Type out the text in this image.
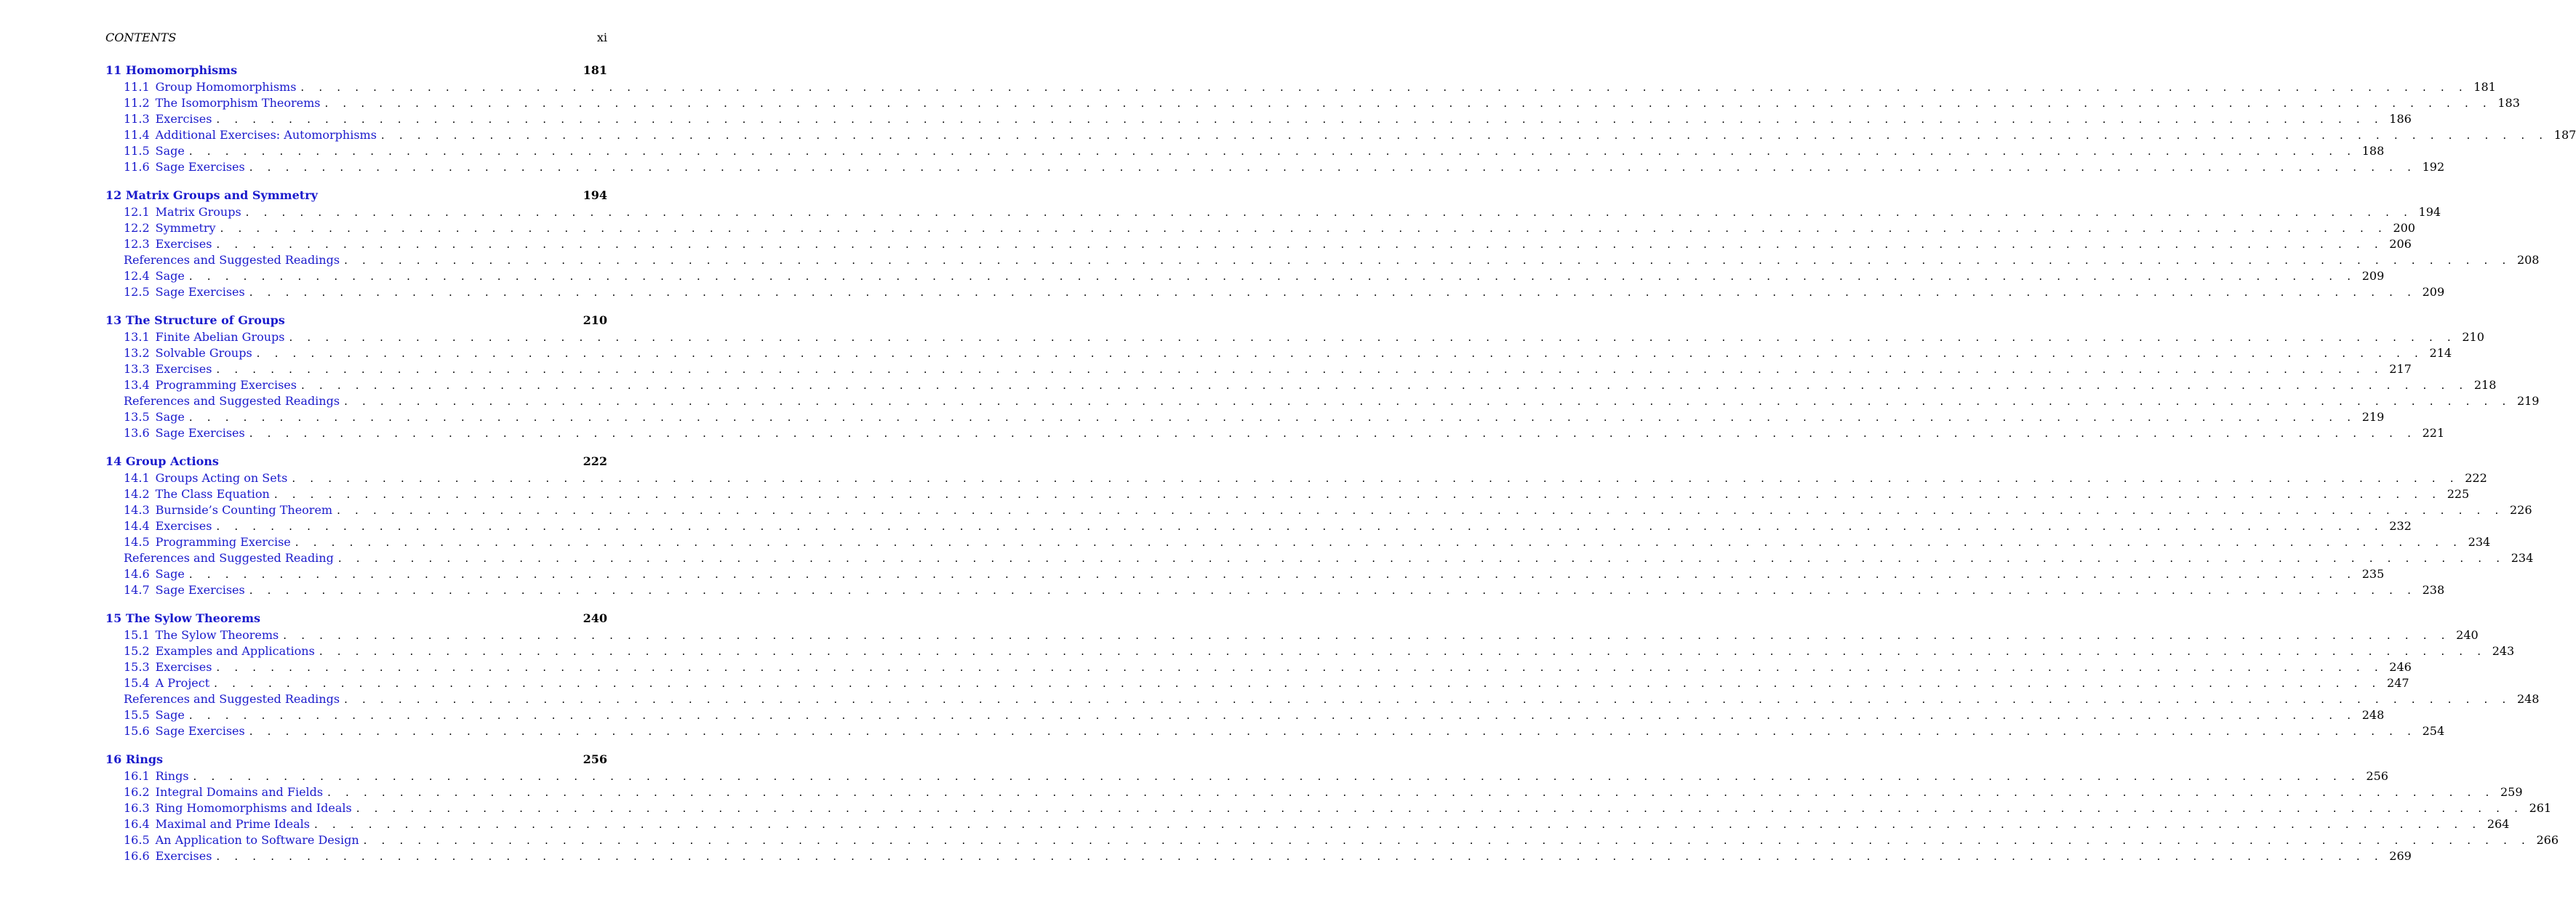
CONTENTS	xi
11 Homomorphisms	181
11.1 Group Homomorphisms . . . . . . . . . . . . . . . . . . . . . . . . . . . . . . . . . . . . . . . . . . . . . . . . . . . . . . . . . . . . . . . . . . . . . . . . . . . . . . . . . . . . . . . . . . . . . . . . . . . . . . . . . . . . . . . . . . . . . . . . 181
11.2 The Isomorphism Theorems . . . . . . . . . . . . . . . . . . . . . . . . . . . . . . . . . . . . . . . . . . . . . . . . . . . . . . . . . . . . . . . . . . . . . . . . . . . . . . . . . . . . . . . . . . . . . . . . . . . . . . . . . . . . . . . . . . . . . . . . 183
11.3 Exercises . . . . . . . . . . . . . . . . . . . . . . . . . . . . . . . . . . . . . . . . . . . . . . . . . . . . . . . . . . . . . . . . . . . . . . . . . . . . . . . . . . . . . . . . . . . . . . . . . . . . . . . . . . . . . . . . . . . . . . . . 186
11.4 Additional Exercises: Automorphisms . . . . . . . . . . . . . . . . . . . . . . . . . . . . . . . . . . . . . . . . . . . . . . . . . . . . . . . . . . . . . . . . . . . . . . . . . . . . . . . . . . . . . . . . . . . . . . . . . . . . . . . . . . . . . . . . . . . . . . . . 187
11.5 Sage . . . . . . . . . . . . . . . . . . . . . . . . . . . . . . . . . . . . . . . . . . . . . . . . . . . . . . . . . . . . . . . . . . . . . . . . . . . . . . . . . . . . . . . . . . . . . . . . . . . . . . . . . . . . . . . . . . . . . . . . 188
11.6 Sage Exercises . . . . . . . . . . . . . . . . . . . . . . . . . . . . . . . . . . . . . . . . . . . . . . . . . . . . . . . . . . . . . . . . . . . . . . . . . . . . . . . . . . . . . . . . . . . . . . . . . . . . . . . . . . . . . . . . . . . . . . . . 192
12 Matrix Groups and Symmetry	194
12.1 Matrix Groups . . . . . . . . . . . . . . . . . . . . . . . . . . . . . . . . . . . . . . . . . . . . . . . . . . . . . . . . . . . . . . . . . . . . . . . . . . . . . . . . . . . . . . . . . . . . . . . . . . . . . . . . . . . . . . . . . . . . . . . . 194
12.2 Symmetry . . . . . . . . . . . . . . . . . . . . . . . . . . . . . . . . . . . . . . . . . . . . . . . . . . . . . . . . . . . . . . . . . . . . . . . . . . . . . . . . . . . . . . . . . . . . . . . . . . . . . . . . . . . . . . . . . . . . . . . . 200
12.3 Exercises . . . . . . . . . . . . . . . . . . . . . . . . . . . . . . . . . . . . . . . . . . . . . . . . . . . . . . . . . . . . . . . . . . . . . . . . . . . . . . . . . . . . . . . . . . . . . . . . . . . . . . . . . . . . . . . . . . . . . . . . 206
References and Suggested Readings . . . . . . . . . . . . . . . . . . . . . . . . . . . . . . . . . . . . . . . . . . . . . . . . . . . . . . . . . . . . . . . . . . . . . . . . . . . . . . . . . . . . . . . . . . . . . . . . . . . . . . . . . . . . . . . . . . . . . . . . 208
12.4 Sage . . . . . . . . . . . . . . . . . . . . . . . . . . . . . . . . . . . . . . . . . . . . . . . . . . . . . . . . . . . . . . . . . . . . . . . . . . . . . . . . . . . . . . . . . . . . . . . . . . . . . . . . . . . . . . . . . . . . . . . . 209
12.5 Sage Exercises . . . . . . . . . . . . . . . . . . . . . . . . . . . . . . . . . . . . . . . . . . . . . . . . . . . . . . . . . . . . . . . . . . . . . . . . . . . . . . . . . . . . . . . . . . . . . . . . . . . . . . . . . . . . . . . . . . . . . . . . 209
13 The Structure of Groups	210
13.1 Finite Abelian Groups . . . . . . . . . . . . . . . . . . . . . . . . . . . . . . . . . . . . . . . . . . . . . . . . . . . . . . . . . . . . . . . . . . . . . . . . . . . . . . . . . . . . . . . . . . . . . . . . . . . . . . . . . . . . . . . . . . . . . . . . 210
13.2 Solvable Groups . . . . . . . . . . . . . . . . . . . . . . . . . . . . . . . . . . . . . . . . . . . . . . . . . . . . . . . . . . . . . . . . . . . . . . . . . . . . . . . . . . . . . . . . . . . . . . . . . . . . . . . . . . . . . . . . . . . . . . . . 214
13.3 Exercises . . . . . . . . . . . . . . . . . . . . . . . . . . . . . . . . . . . . . . . . . . . . . . . . . . . . . . . . . . . . . . . . . . . . . . . . . . . . . . . . . . . . . . . . . . . . . . . . . . . . . . . . . . . . . . . . . . . . . . . . 217
13.4 Programming Exercises . . . . . . . . . . . . . . . . . . . . . . . . . . . . . . . . . . . . . . . . . . . . . . . . . . . . . . . . . . . . . . . . . . . . . . . . . . . . . . . . . . . . . . . . . . . . . . . . . . . . . . . . . . . . . . . . . . . . . . . . 218
References and Suggested Readings . . . . . . . . . . . . . . . . . . . . . . . . . . . . . . . . . . . . . . . . . . . . . . . . . . . . . . . . . . . . . . . . . . . . . . . . . . . . . . . . . . . . . . . . . . . . . . . . . . . . . . . . . . . . . . . . . . . . . . . . 219
13.5 Sage . . . . . . . . . . . . . . . . . . . . . . . . . . . . . . . . . . . . . . . . . . . . . . . . . . . . . . . . . . . . . . . . . . . . . . . . . . . . . . . . . . . . . . . . . . . . . . . . . . . . . . . . . . . . . . . . . . . . . . . . 219
13.6 Sage Exercises . . . . . . . . . . . . . . . . . . . . . . . . . . . . . . . . . . . . . . . . . . . . . . . . . . . . . . . . . . . . . . . . . . . . . . . . . . . . . . . . . . . . . . . . . . . . . . . . . . . . . . . . . . . . . . . . . . . . . . . . 221
14 Group Actions	222
14.1 Groups Acting on Sets . . . . . . . . . . . . . . . . . . . . . . . . . . . . . . . . . . . . . . . . . . . . . . . . . . . . . . . . . . . . . . . . . . . . . . . . . . . . . . . . . . . . . . . . . . . . . . . . . . . . . . . . . . . . . . . . . . . . . . . . 222
14.2 The Class Equation . . . . . . . . . . . . . . . . . . . . . . . . . . . . . . . . . . . . . . . . . . . . . . . . . . . . . . . . . . . . . . . . . . . . . . . . . . . . . . . . . . . . . . . . . . . . . . . . . . . . . . . . . . . . . . . . . . . . . . . . 225
14.3 Burnside’s Counting Theorem . . . . . . . . . . . . . . . . . . . . . . . . . . . . . . . . . . . . . . . . . . . . . . . . . . . . . . . . . . . . . . . . . . . . . . . . . . . . . . . . . . . . . . . . . . . . . . . . . . . . . . . . . . . . . . . . . . . . . . . . 226
14.4 Exercises . . . . . . . . . . . . . . . . . . . . . . . . . . . . . . . . . . . . . . . . . . . . . . . . . . . . . . . . . . . . . . . . . . . . . . . . . . . . . . . . . . . . . . . . . . . . . . . . . . . . . . . . . . . . . . . . . . . . . . . . 232
14.5 Programming Exercise . . . . . . . . . . . . . . . . . . . . . . . . . . . . . . . . . . . . . . . . . . . . . . . . . . . . . . . . . . . . . . . . . . . . . . . . . . . . . . . . . . . . . . . . . . . . . . . . . . . . . . . . . . . . . . . . . . . . . . . . 234
References and Suggested Reading . . . . . . . . . . . . . . . . . . . . . . . . . . . . . . . . . . . . . . . . . . . . . . . . . . . . . . . . . . . . . . . . . . . . . . . . . . . . . . . . . . . . . . . . . . . . . . . . . . . . . . . . . . . . . . . . . . . . . . . . 234
14.6 Sage . . . . . . . . . . . . . . . . . . . . . . . . . . . . . . . . . . . . . . . . . . . . . . . . . . . . . . . . . . . . . . . . . . . . . . . . . . . . . . . . . . . . . . . . . . . . . . . . . . . . . . . . . . . . . . . . . . . . . . . . 235
14.7 Sage Exercises . . . . . . . . . . . . . . . . . . . . . . . . . . . . . . . . . . . . . . . . . . . . . . . . . . . . . . . . . . . . . . . . . . . . . . . . . . . . . . . . . . . . . . . . . . . . . . . . . . . . . . . . . . . . . . . . . . . . . . . . 238
15 The Sylow Theorems	240
15.1 The Sylow Theorems . . . . . . . . . . . . . . . . . . . . . . . . . . . . . . . . . . . . . . . . . . . . . . . . . . . . . . . . . . . . . . . . . . . . . . . . . . . . . . . . . . . . . . . . . . . . . . . . . . . . . . . . . . . . . . . . . . . . . . . . 240
15.2 Examples and Applications . . . . . . . . . . . . . . . . . . . . . . . . . . . . . . . . . . . . . . . . . . . . . . . . . . . . . . . . . . . . . . . . . . . . . . . . . . . . . . . . . . . . . . . . . . . . . . . . . . . . . . . . . . . . . . . . . . . . . . . . 243
15.3 Exercises . . . . . . . . . . . . . . . . . . . . . . . . . . . . . . . . . . . . . . . . . . . . . . . . . . . . . . . . . . . . . . . . . . . . . . . . . . . . . . . . . . . . . . . . . . . . . . . . . . . . . . . . . . . . . . . . . . . . . . . . 246
15.4 A Project . . . . . . . . . . . . . . . . . . . . . . . . . . . . . . . . . . . . . . . . . . . . . . . . . . . . . . . . . . . . . . . . . . . . . . . . . . . . . . . . . . . . . . . . . . . . . . . . . . . . . . . . . . . . . . . . . . . . . . . . 247
References and Suggested Readings . . . . . . . . . . . . . . . . . . . . . . . . . . . . . . . . . . . . . . . . . . . . . . . . . . . . . . . . . . . . . . . . . . . . . . . . . . . . . . . . . . . . . . . . . . . . . . . . . . . . . . . . . . . . . . . . . . . . . . . . 248
15.5 Sage . . . . . . . . . . . . . . . . . . . . . . . . . . . . . . . . . . . . . . . . . . . . . . . . . . . . . . . . . . . . . . . . . . . . . . . . . . . . . . . . . . . . . . . . . . . . . . . . . . . . . . . . . . . . . . . . . . . . . . . . 248
15.6 Sage Exercises . . . . . . . . . . . . . . . . . . . . . . . . . . . . . . . . . . . . . . . . . . . . . . . . . . . . . . . . . . . . . . . . . . . . . . . . . . . . . . . . . . . . . . . . . . . . . . . . . . . . . . . . . . . . . . . . . . . . . . . . 254
16 Rings	256
16.1 Rings . . . . . . . . . . . . . . . . . . . . . . . . . . . . . . . . . . . . . . . . . . . . . . . . . . . . . . . . . . . . . . . . . . . . . . . . . . . . . . . . . . . . . . . . . . . . . . . . . . . . . . . . . . . . . . . . . . . . . . . . 256
16.2 Integral Domains and Fields . . . . . . . . . . . . . . . . . . . . . . . . . . . . . . . . . . . . . . . . . . . . . . . . . . . . . . . . . . . . . . . . . . . . . . . . . . . . . . . . . . . . . . . . . . . . . . . . . . . . . . . . . . . . . . . . . . . . . . . . 259
16.3 Ring Homomorphisms and Ideals . . . . . . . . . . . . . . . . . . . . . . . . . . . . . . . . . . . . . . . . . . . . . . . . . . . . . . . . . . . . . . . . . . . . . . . . . . . . . . . . . . . . . . . . . . . . . . . . . . . . . . . . . . . . . . . . . . . . . . . . 261
16.4 Maximal and Prime Ideals . . . . . . . . . . . . . . . . . . . . . . . . . . . . . . . . . . . . . . . . . . . . . . . . . . . . . . . . . . . . . . . . . . . . . . . . . . . . . . . . . . . . . . . . . . . . . . . . . . . . . . . . . . . . . . . . . . . . . . . . 264
16.5 An Application to Software Design . . . . . . . . . . . . . . . . . . . . . . . . . . . . . . . . . . . . . . . . . . . . . . . . . . . . . . . . . . . . . . . . . . . . . . . . . . . . . . . . . . . . . . . . . . . . . . . . . . . . . . . . . . . . . . . . . . . . . . . . 266
16.6 Exercises . . . . . . . . . . . . . . . . . . . . . . . . . . . . . . . . . . . . . . . . . . . . . . . . . . . . . . . . . . . . . . . . . . . . . . . . . . . . . . . . . . . . . . . . . . . . . . . . . . . . . . . . . . . . . . . . . . . . . . . . 269
